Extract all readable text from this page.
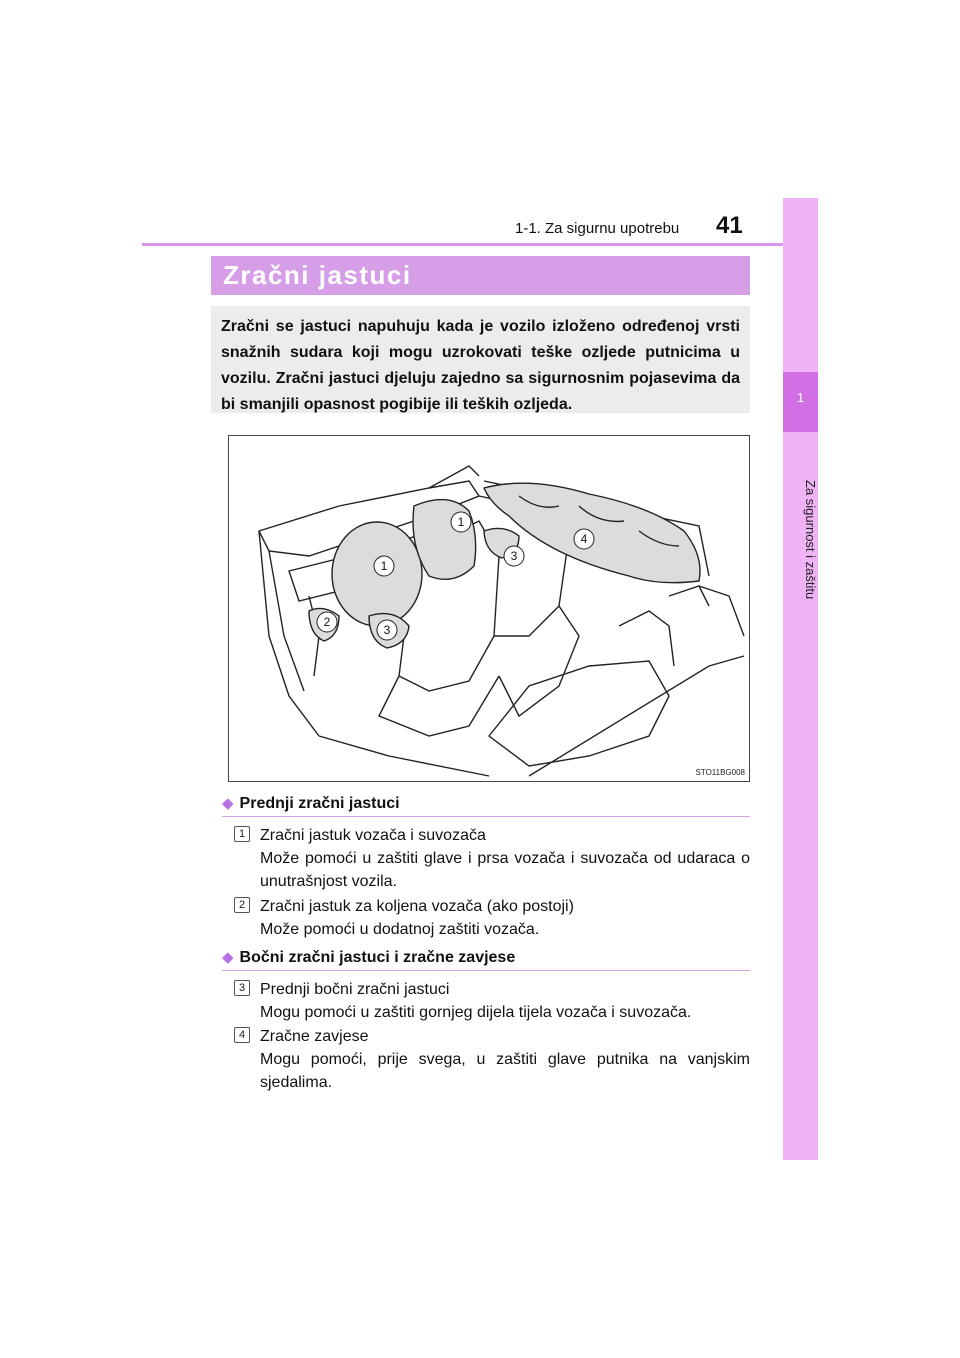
1-1. Za sigurnu upotrebu 41
1
Za sigurnost i zaštitu
Zračni jastuci
Zračni se jastuci napuhuju kada je vozilo izloženo određenoj vrsti snažnih sudara koji mogu uzrokovati teške ozljede putnicima u vozilu. Zračni jastuci djeluju zajedno sa sigurnosnim pojasevima da bi smanjili opasnost pogibije ili teških ozljeda.
1
1
2
3
3
4
STO11BG008
◆ Prednji zračni jastuci
1 Zračni jastuk vozača i suvozača

Može pomoći u zaštiti glave i prsa vozača i suvozača od udaraca o unutrašnjost vozila.

2 Zračni jastuk za koljena vozača (ako postoji)

Može pomoći u dodatnoj zaštiti vozača.

◆ Bočni zračni jastuci i zračne zavjese
3 Prednji bočni zračni jastuci

Mogu pomoći u zaštiti gornjeg dijela tijela vozača i suvozača.

4 Zračne zavjese

Mogu pomoći, prije svega, u zaštiti glave putnika na vanjskim sjedalima.
